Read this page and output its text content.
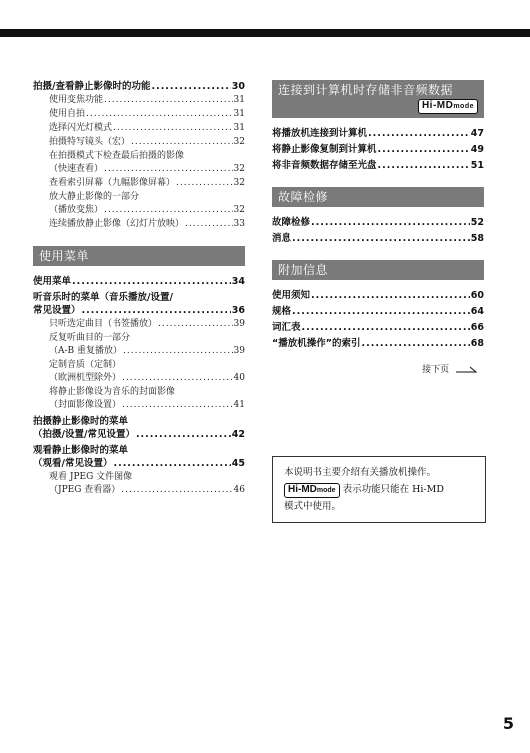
拍摄/查看静止影像时的功能 .....	30
使用变焦功能 .....	31
使用自拍 .....	31
选择闪光灯模式 .....	31
拍摄特写镜头（宏） .....	32
在拍摄模式下检查最后拍摄的影像
（快速查看） .....	32
查看索引屏幕（九幅影像屏幕） .....	32
放大静止影像的一部分
（播放变焦） .....	32
连续播放静止影像（幻灯片放映） .....	33
使用菜单
使用菜单 .....	34
听音乐时的菜单（音乐播放/设置/
常见设置） .....	36
只听选定曲目（书签播放） .....	39
反复听曲目的一部分
（A-B 重复播放） .....	39
定制音质（定制）
（欧洲机型除外） .....	40
将静止影像设为音乐的封面影像
（封面影像设置） .....	41
拍摄静止影像时的菜单
（拍摄/设置/常见设置） .....	42
观看静止影像时的菜单
（观看/常见设置） .....	45
观看 JPEG 文件图像
（JPEG 查看器） .....	46
连接到计算机时存储非音频数据
Hi-MDmode
将播放机连接到计算机 .....	47
将静止影像复制到计算机 .....	49
将非音频数据存储至光盘 .....	51
故障检修
故障检修 .....	52
消息 .....	58
附加信息
使用须知 .....	60
规格 .....	64
词汇表 .....	66
“播放机操作”的索引 .....	68
接下页
本说明书主要介绍有关播放机操作。
Hi-MDmode 表示功能只能在 Hi-MD
模式中使用。
5
